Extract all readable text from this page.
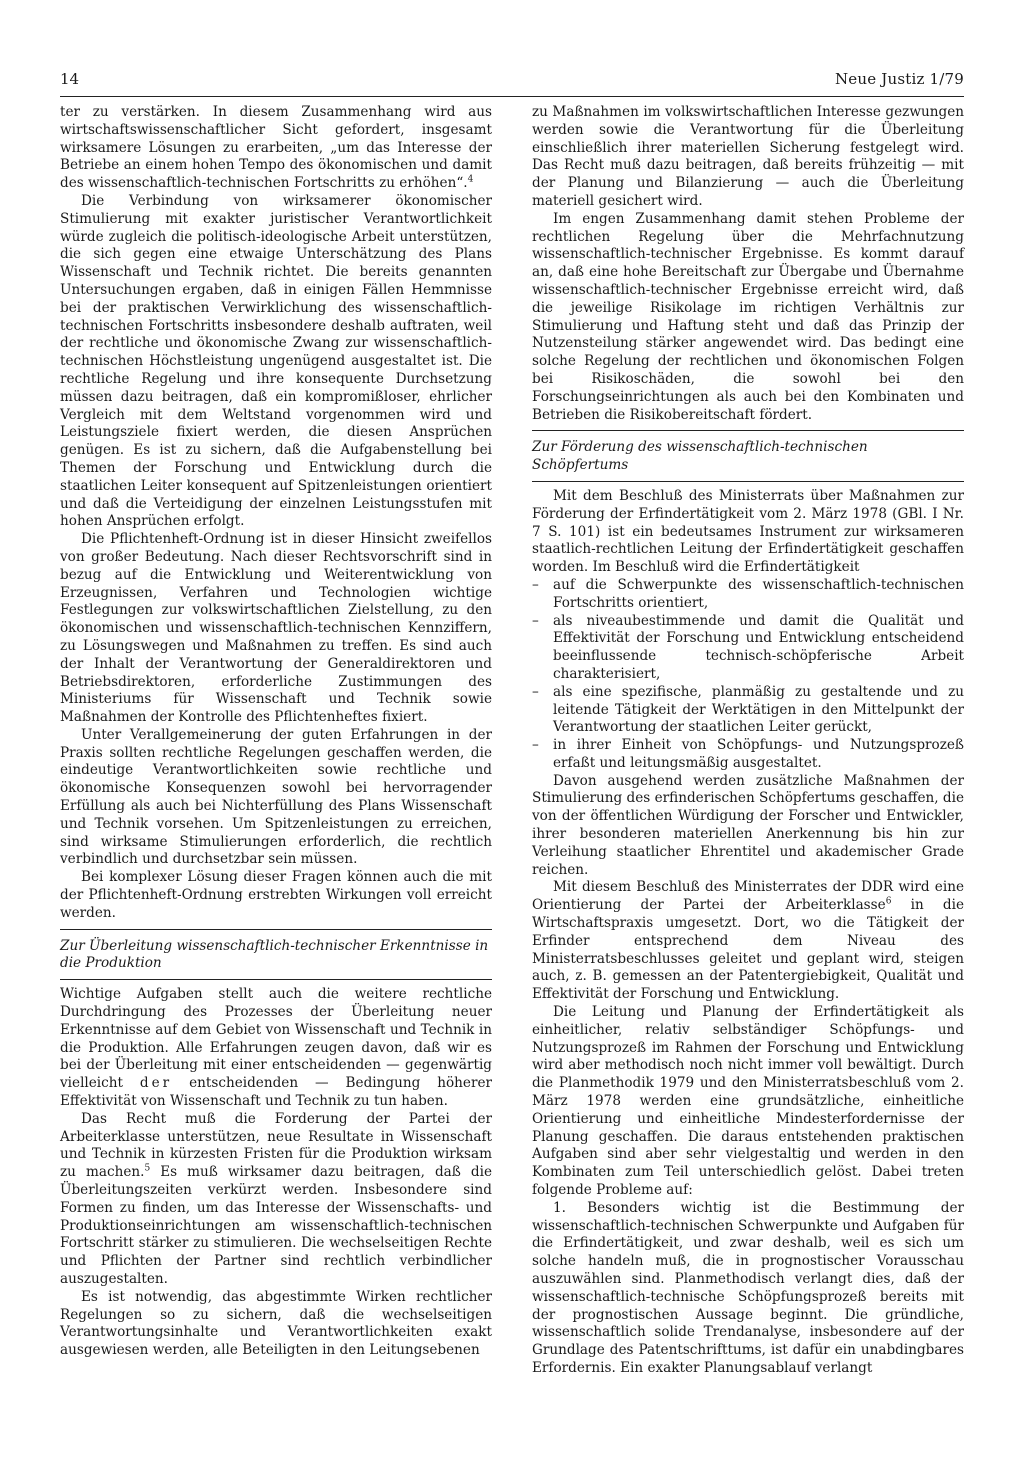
14	Neue Justiz 1/79

ter zu verstärken. In diesem Zusammenhang wird aus wirtschaftswissenschaftlicher Sicht gefordert, insgesamt wirksamere Lösungen zu erarbeiten, „um das Interesse der Betriebe an einem hohen Tempo des ökonomischen und damit des wissenschaftlich-technischen Fortschritts zu erhöhen“.$^4$

Die Verbindung von wirksamerer ökonomischer Stimulierung mit exakter juristischer Verantwortlichkeit würde zugleich die politisch-ideologische Arbeit unterstützen, die sich gegen eine etwaige Unterschätzung des Plans Wissenschaft und Technik richtet. Die bereits genannten Untersuchungen ergaben, daß in einigen Fällen Hemmnisse bei der praktischen Verwirklichung des wissenschaftlich-technischen Fortschritts insbesondere deshalb auftraten, weil der rechtliche und ökonomische Zwang zur wissenschaftlich-technischen Höchstleistung ungenügend ausgestaltet ist. Die rechtliche Regelung und ihre konsequente Durchsetzung müssen dazu beitragen, daß ein kompromißloser, ehrlicher Vergleich mit dem Weltstand vorgenommen wird und Leistungsziele fixiert werden, die diesen Ansprüchen genügen. Es ist zu sichern, daß die Aufgabenstellung bei Themen der Forschung und Entwicklung durch die staatlichen Leiter konsequent auf Spitzenleistungen orientiert und daß die Verteidigung der einzelnen Leistungsstufen mit hohen Ansprüchen erfolgt.

Die Pflichtenheft-Ordnung ist in dieser Hinsicht zweifellos von großer Bedeutung. Nach dieser Rechtsvorschrift sind in bezug auf die Entwicklung und Weiterentwicklung von Erzeugnissen, Verfahren und Technologien wichtige Festlegungen zur volkswirtschaftlichen Zielstellung, zu den ökonomischen und wissenschaftlich-technischen Kennziffern, zu Lösungswegen und Maßnahmen zu treffen. Es sind auch der Inhalt der Verantwortung der Generaldirektoren und Betriebsdirektoren, erforderliche Zustimmungen des Ministeriums für Wissenschaft und Technik sowie Maßnahmen der Kontrolle des Pflichtenheftes fixiert.

Unter Verallgemeinerung der guten Erfahrungen in der Praxis sollten rechtliche Regelungen geschaffen werden, die eindeutige Verantwortlichkeiten sowie rechtliche und ökonomische Konsequenzen sowohl bei hervorragender Erfüllung als auch bei Nichterfüllung des Plans Wissenschaft und Technik vorsehen. Um Spitzenleistungen zu erreichen, sind wirksame Stimulierungen erforderlich, die rechtlich verbindlich und durchsetzbar sein müssen.

Bei komplexer Lösung dieser Fragen können auch die mit der Pflichtenheft-Ordnung erstrebten Wirkungen voll erreicht werden.

Zur Überleitung wissenschaftlich-technischer Erkenntnisse in die Produktion

Wichtige Aufgaben stellt auch die weitere rechtliche Durchdringung des Prozesses der Überleitung neuer Erkenntnisse auf dem Gebiet von Wissenschaft und Technik in die Produktion. Alle Erfahrungen zeugen davon, daß wir es bei der Überleitung mit einer entscheidenden — gegenwärtig vielleicht der entscheidenden — Bedingung höherer Effektivität von Wissenschaft und Technik zu tun haben.

Das Recht muß die Forderung der Partei der Arbeiterklasse unterstützen, neue Resultate in Wissenschaft und Technik in kürzesten Fristen für die Produktion wirksam zu machen.$^5$ Es muß wirksamer dazu beitragen, daß die Überleitungszeiten verkürzt werden. Insbesondere sind Formen zu finden, um das Interesse der Wissenschafts- und Produktionseinrichtungen am wissenschaftlich-technischen Fortschritt stärker zu stimulieren. Die wechselseitigen Rechte und Pflichten der Partner sind rechtlich verbindlicher auszugestalten.

Es ist notwendig, das abgestimmte Wirken rechtlicher Regelungen so zu sichern, daß die wechselseitigen Verantwortungsinhalte und Verantwortlichkeiten exakt ausgewiesen werden, alle Beteiligten in den Leitungsebenen

zu Maßnahmen im volkswirtschaftlichen Interesse gezwungen werden sowie die Verantwortung für die Überleitung einschließlich ihrer materiellen Sicherung festgelegt wird. Das Recht muß dazu beitragen, daß bereits frühzeitig — mit der Planung und Bilanzierung — auch die Überleitung materiell gesichert wird.

Im engen Zusammenhang damit stehen Probleme der rechtlichen Regelung über die Mehrfachnutzung wissenschaftlich-technischer Ergebnisse. Es kommt darauf an, daß eine hohe Bereitschaft zur Übergabe und Übernahme wissenschaftlich-technischer Ergebnisse erreicht wird, daß die jeweilige Risikolage im richtigen Verhältnis zur Stimulierung und Haftung steht und daß das Prinzip der Nutzensteilung stärker angewendet wird. Das bedingt eine solche Regelung der rechtlichen und ökonomischen Folgen bei Risikoschäden, die sowohl bei den Forschungseinrichtungen als auch bei den Kombinaten und Betrieben die Risikobereitschaft fördert.

Zur Förderung des wissenschaftlich-technischen Schöpfertums

Mit dem Beschluß des Ministerrats über Maßnahmen zur Förderung der Erfindertätigkeit vom 2. März 1978 (GBl. I Nr. 7 S. 101) ist ein bedeutsames Instrument zur wirksameren staatlich-rechtlichen Leitung der Erfindertätigkeit geschaffen worden. Im Beschluß wird die Erfindertätigkeit

– auf die Schwerpunkte des wissenschaftlich-technischen Fortschritts orientiert,
– als niveaubestimmende und damit die Qualität und Effektivität der Forschung und Entwicklung entscheidend beeinflussende technisch-schöpferische Arbeit charakterisiert,
– als eine spezifische, planmäßig zu gestaltende und zu leitende Tätigkeit der Werktätigen in den Mittelpunkt der Verantwortung der staatlichen Leiter gerückt,
– in ihrer Einheit von Schöpfungs- und Nutzungsprozeß erfaßt und leitungsmäßig ausgestaltet.

Davon ausgehend werden zusätzliche Maßnahmen der Stimulierung des erfinderischen Schöpfertums geschaffen, die von der öffentlichen Würdigung der Forscher und Entwickler, ihrer besonderen materiellen Anerkennung bis hin zur Verleihung staatlicher Ehrentitel und akademischer Grade reichen.

Mit diesem Beschluß des Ministerrates der DDR wird eine Orientierung der Partei der Arbeiterklasse$^6$ in die Wirtschaftspraxis umgesetzt. Dort, wo die Tätigkeit der Erfinder entsprechend dem Niveau des Ministerratsbeschlusses geleitet und geplant wird, steigen auch, z. B. gemessen an der Patentergiebigkeit, Qualität und Effektivität der Forschung und Entwicklung.

Die Leitung und Planung der Erfindertätigkeit als einheitlicher, relativ selbständiger Schöpfungs- und Nutzungsprozeß im Rahmen der Forschung und Entwicklung wird aber methodisch noch nicht immer voll bewältigt. Durch die Planmethodik 1979 und den Ministerratsbeschluß vom 2. März 1978 werden eine grundsätzliche, einheitliche Orientierung und einheitliche Mindesterfordernisse der Planung geschaffen. Die daraus entstehenden praktischen Aufgaben sind aber sehr vielgestaltig und werden in den Kombinaten zum Teil unterschiedlich gelöst. Dabei treten folgende Probleme auf:

1. Besonders wichtig ist die Bestimmung der wissenschaftlich-technischen Schwerpunkte und Aufgaben für die Erfindertätigkeit, und zwar deshalb, weil es sich um solche handeln muß, die in prognostischer Vorausschau auszuwählen sind. Planmethodisch verlangt dies, daß der wissenschaftlich-technische Schöpfungsprozeß bereits mit der prognostischen Aussage beginnt. Die gründliche, wissenschaftlich solide Trendanalyse, insbesondere auf der Grundlage des Patentschrifttums, ist dafür ein unabdingbares Erfordernis. Ein exakter Planungsablauf verlangt
